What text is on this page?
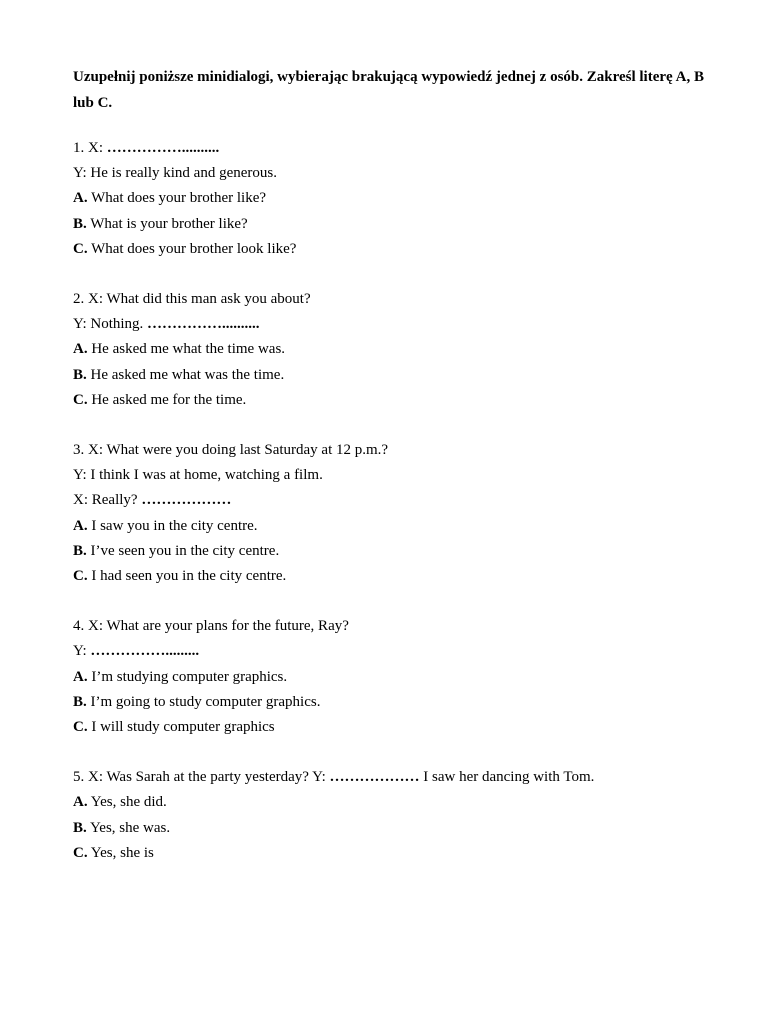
Uzupełnij poniższe minidialogi, wybierając brakującą wypowiedź jednej z osób. Zakreśl literę A, B lub C.

1. X: ……………..........
Y: He is really kind and generous.
A. What does your brother like?
B. What is your brother like?
C. What does your brother look like?
2. X: What did this man ask you about?
Y: Nothing. ……………..........
A. He asked me what the time was.
B. He asked me what was the time.
C. He asked me for the time.
3. X: What were you doing last Saturday at 12 p.m.?
Y: I think I was at home, watching a film.
X: Really? ………………
A. I saw you in the city centre.
B. I’ve seen you in the city centre.
C. I had seen you in the city centre.
4. X: What are your plans for the future, Ray?
Y: …………….........
A. I’m studying computer graphics.
B. I’m going to study computer graphics.
C. I will study computer graphics
5. X: Was Sarah at the party yesterday? Y: ……………… I saw her dancing with Tom.
A. Yes, she did.
B. Yes, she was.
C. Yes, she is
